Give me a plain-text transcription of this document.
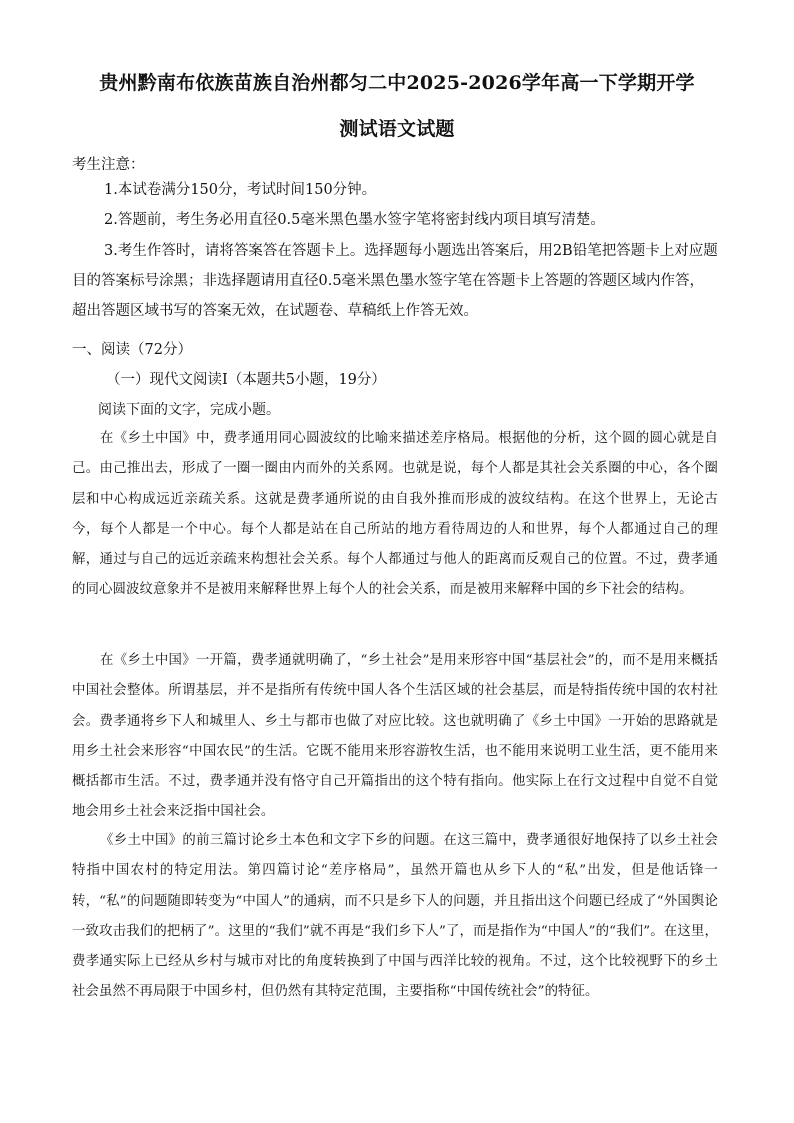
贵州黔南布依族苗族自治州都匀二中2025-2026学年高一下学期开学
测试语文试题
考生注意：
1.本试卷满分150分，考试时间150分钟。
2.答题前，考生务必用直径0.5毫米黑色墨水签字笔将密封线内项目填写清楚。
3.考生作答时，请将答案答在答题卡上。选择题每小题选出答案后，用2B铅笔把答题卡上对应题目的答案标号涂黑；非选择题请用直径0.5毫米黑色墨水签字笔在答题卡上答题的答题区域内作答，超出答题区域书写的答案无效，在试题卷、草稿纸上作答无效。
一、阅读（72分）
（一）现代文阅读Ⅰ（本题共5小题，19分）
阅读下面的文字，完成小题。
在《乡土中国》中，费孝通用同心圆波纹的比喻来描述差序格局。根据他的分析，这个圆的圆心就是自己。由己推出去，形成了一圈一圈由内而外的关系网。也就是说，每个人都是其社会关系圈的中心，各个圈层和中心构成远近亲疏关系。这就是费孝通所说的由自我外推而形成的波纹结构。在这个世界上，无论古今，每个人都是一个中心。每个人都是站在自己所站的地方看待周边的人和世界，每个人都通过自己的理解，通过与自己的远近亲疏来构想社会关系。每个人都通过与他人的距离而反观自己的位置。不过，费孝通的同心圆波纹意象并不是被用来解释世界上每个人的社会关系，而是被用来解释中国的乡下社会的结构。
在《乡土中国》一开篇，费孝通就明确了，“乡土社会”是用来形容中国“基层社会”的，而不是用来概括中国社会整体。所谓基层，并不是指所有传统中国人各个生活区域的社会基层，而是特指传统中国的农村社会。费孝通将乡下人和城里人、乡土与都市也做了对应比较。这也就明确了《乡土中国》一开始的思路就是用乡土社会来形容“中国农民”的生活。它既不能用来形容游牧生活，也不能用来说明工业生活，更不能用来概括都市生活。不过，费孝通并没有恪守自己开篇指出的这个特有指向。他实际上在行文过程中自觉不自觉地会用乡土社会来泛指中国社会。
《乡土中国》的前三篇讨论乡土本色和文字下乡的问题。在这三篇中，费孝通很好地保持了以乡土社会特指中国农村的特定用法。第四篇讨论“差序格局”，虽然开篇也从乡下人的“私”出发，但是他话锋一转，“私”的问题随即转变为“中国人”的通病，而不只是乡下人的问题，并且指出这个问题已经成了“外国舆论一致攻击我们的把柄了”。这里的“我们”就不再是“我们乡下人”了，而是指作为“中国人”的“我们”。在这里，费孝通实际上已经从乡村与城市对比的角度转换到了中国与西洋比较的视角。不过，这个比较视野下的乡土社会虽然不再局限于中国乡村，但仍然有其特定范围，主要指称“中国传统社会”的特征。
